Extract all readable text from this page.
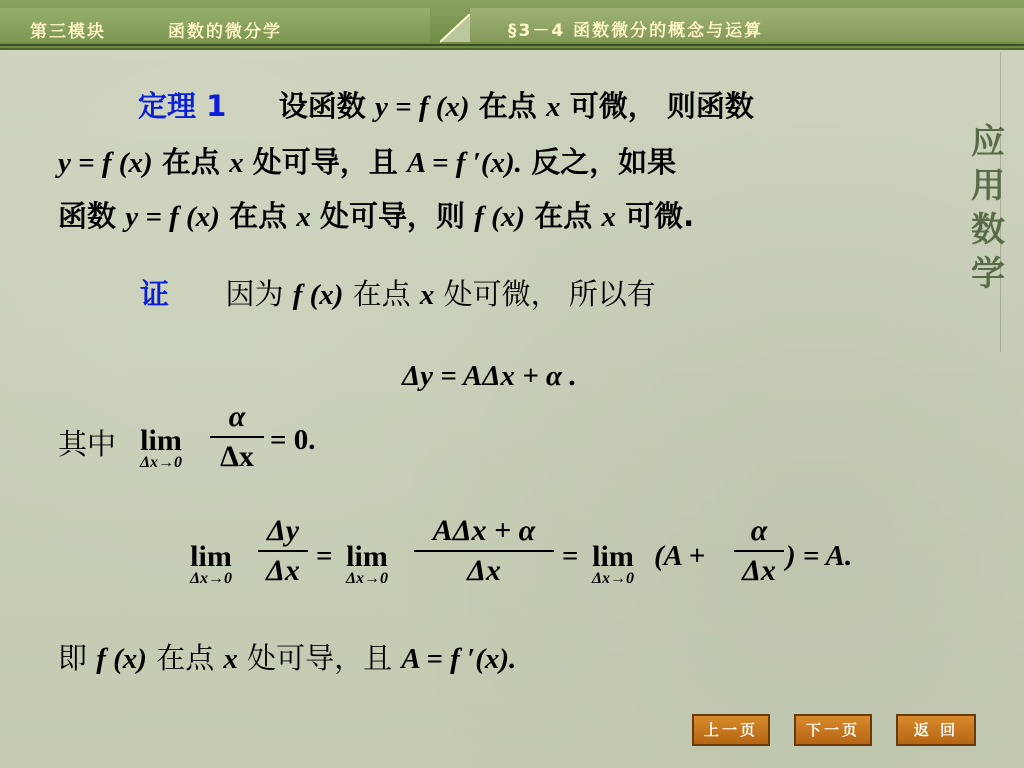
第三模块	函数的微分学	§3－4 函数微分的概念与运算
应
用
数
学
定理 1 设函数 y = f (x) 在点 x 可微， 则函数
y = f (x) 在点 x 处可导，且 A = f ′(x). 反之，如果
函数 y = f (x) 在点 x 处可导，则 f (x) 在点 x 可微.
证 因为 f (x) 在点 x 处可微， 所以有
Δy = AΔx + α .
其中 lim
Δx→0
α
Δx = 0.
lim
Δx→0
Δy
Δx = lim
Δx→0
AΔx + α
Δx	= lim
Δx→0
(A +
α
Δx ) = A.
即 f (x) 在点 x 处可导，且 A = f ′(x).
上一页	下一页	返 回
